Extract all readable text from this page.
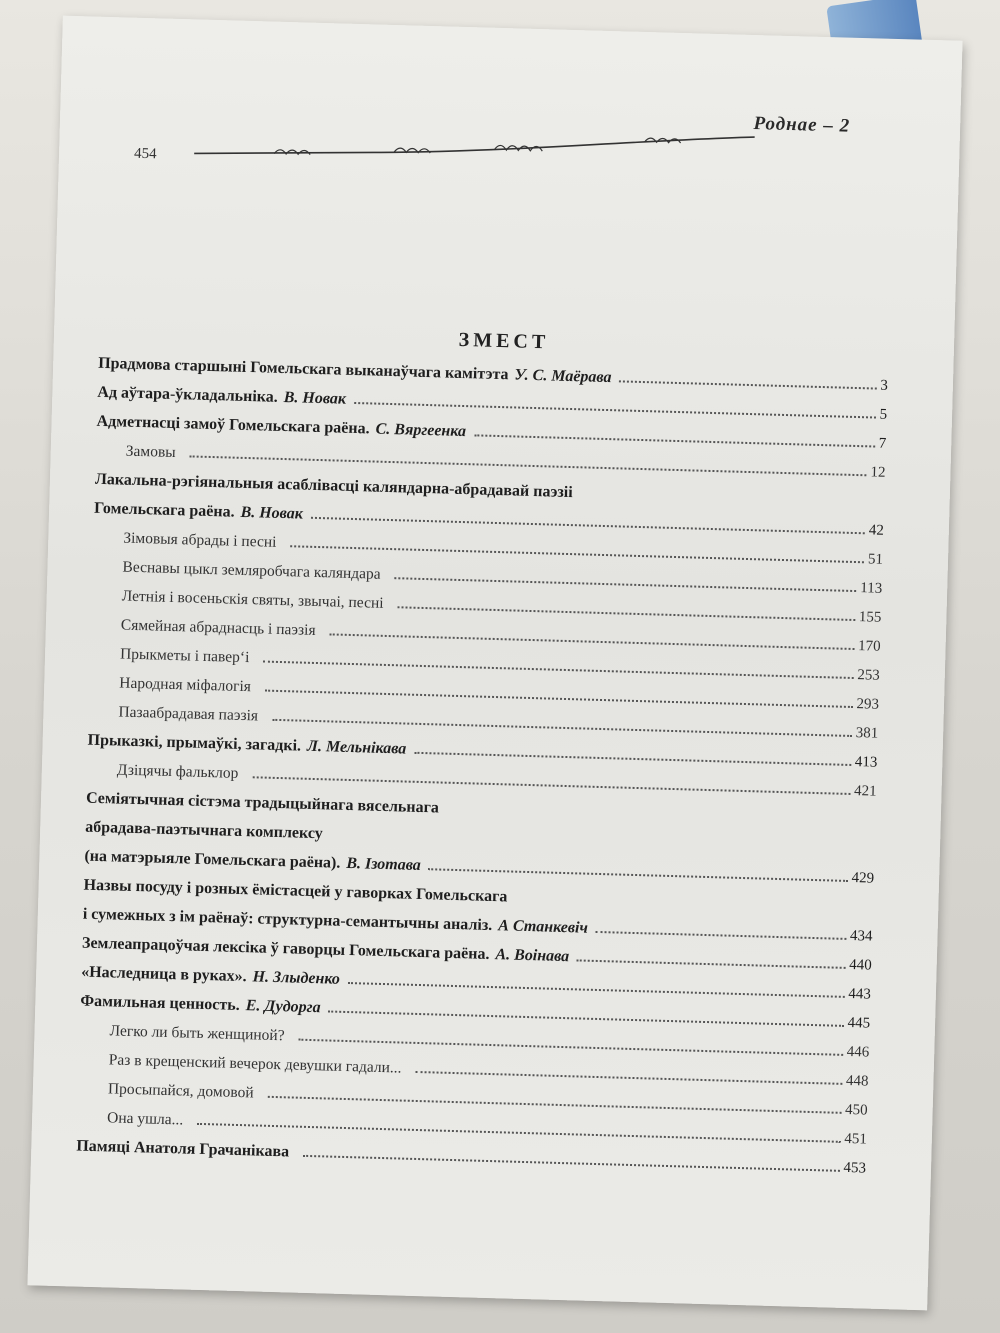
Роднае – 2
454
ЗМЕСТ
Прадмова старшыні Гомельскага выканаўчага камітэта У. С. Маёрава	3
Ад аўтара-ўкладальніка. В. Новак
5
Адметнасці замоў Гомельскага раёна. С. Вяргеенка
7
Замовы
12
Лакальна-рэгіянальныя асаблівасці каляндарна-абрадавай паэзіі
Гомельскага раёна. В. Новак
42
Зімовыя абрады і песні
51
Веснавы цыкл земляробчага каляндара
113
Летнія і восеньскія святы, звычаі, песні
155
Сямейная абраднасць і паэзія
170
Прыкметы і павер‘і
253
Народная міфалогія
293
Пазаабрадавая паэзія
381
Прыказкі, прымаўкі, загадкі. Л. Мельнікава
413
Дзіцячы фальклор
421
Семіятычная сістэма традыцыйнага вясельнага
абрадава-паэтычнага комплексу
(на матэрыяле Гомельскага раёна). В. Ізотава
429
Назвы посуду і розных ёмістасцей у гаворках Гомельскага
і сумежных з ім раёнаў: структурна-семантычны аналіз. А Станкевіч	434
Землеапрацоўчая лексіка ў гаворцы Гомельскага раёна. А. Воінава
440
«Наследница в руках». Н. Злыденко
443
Фамильная ценность. Е. Дудорга
445
Легко ли быть женщиной?
446
Раз в крещенский вечерок девушки гадали...
448
Просыпайся, домовой
450
Она ушла...
451
Памяці Анатоля Грачанікава
453
